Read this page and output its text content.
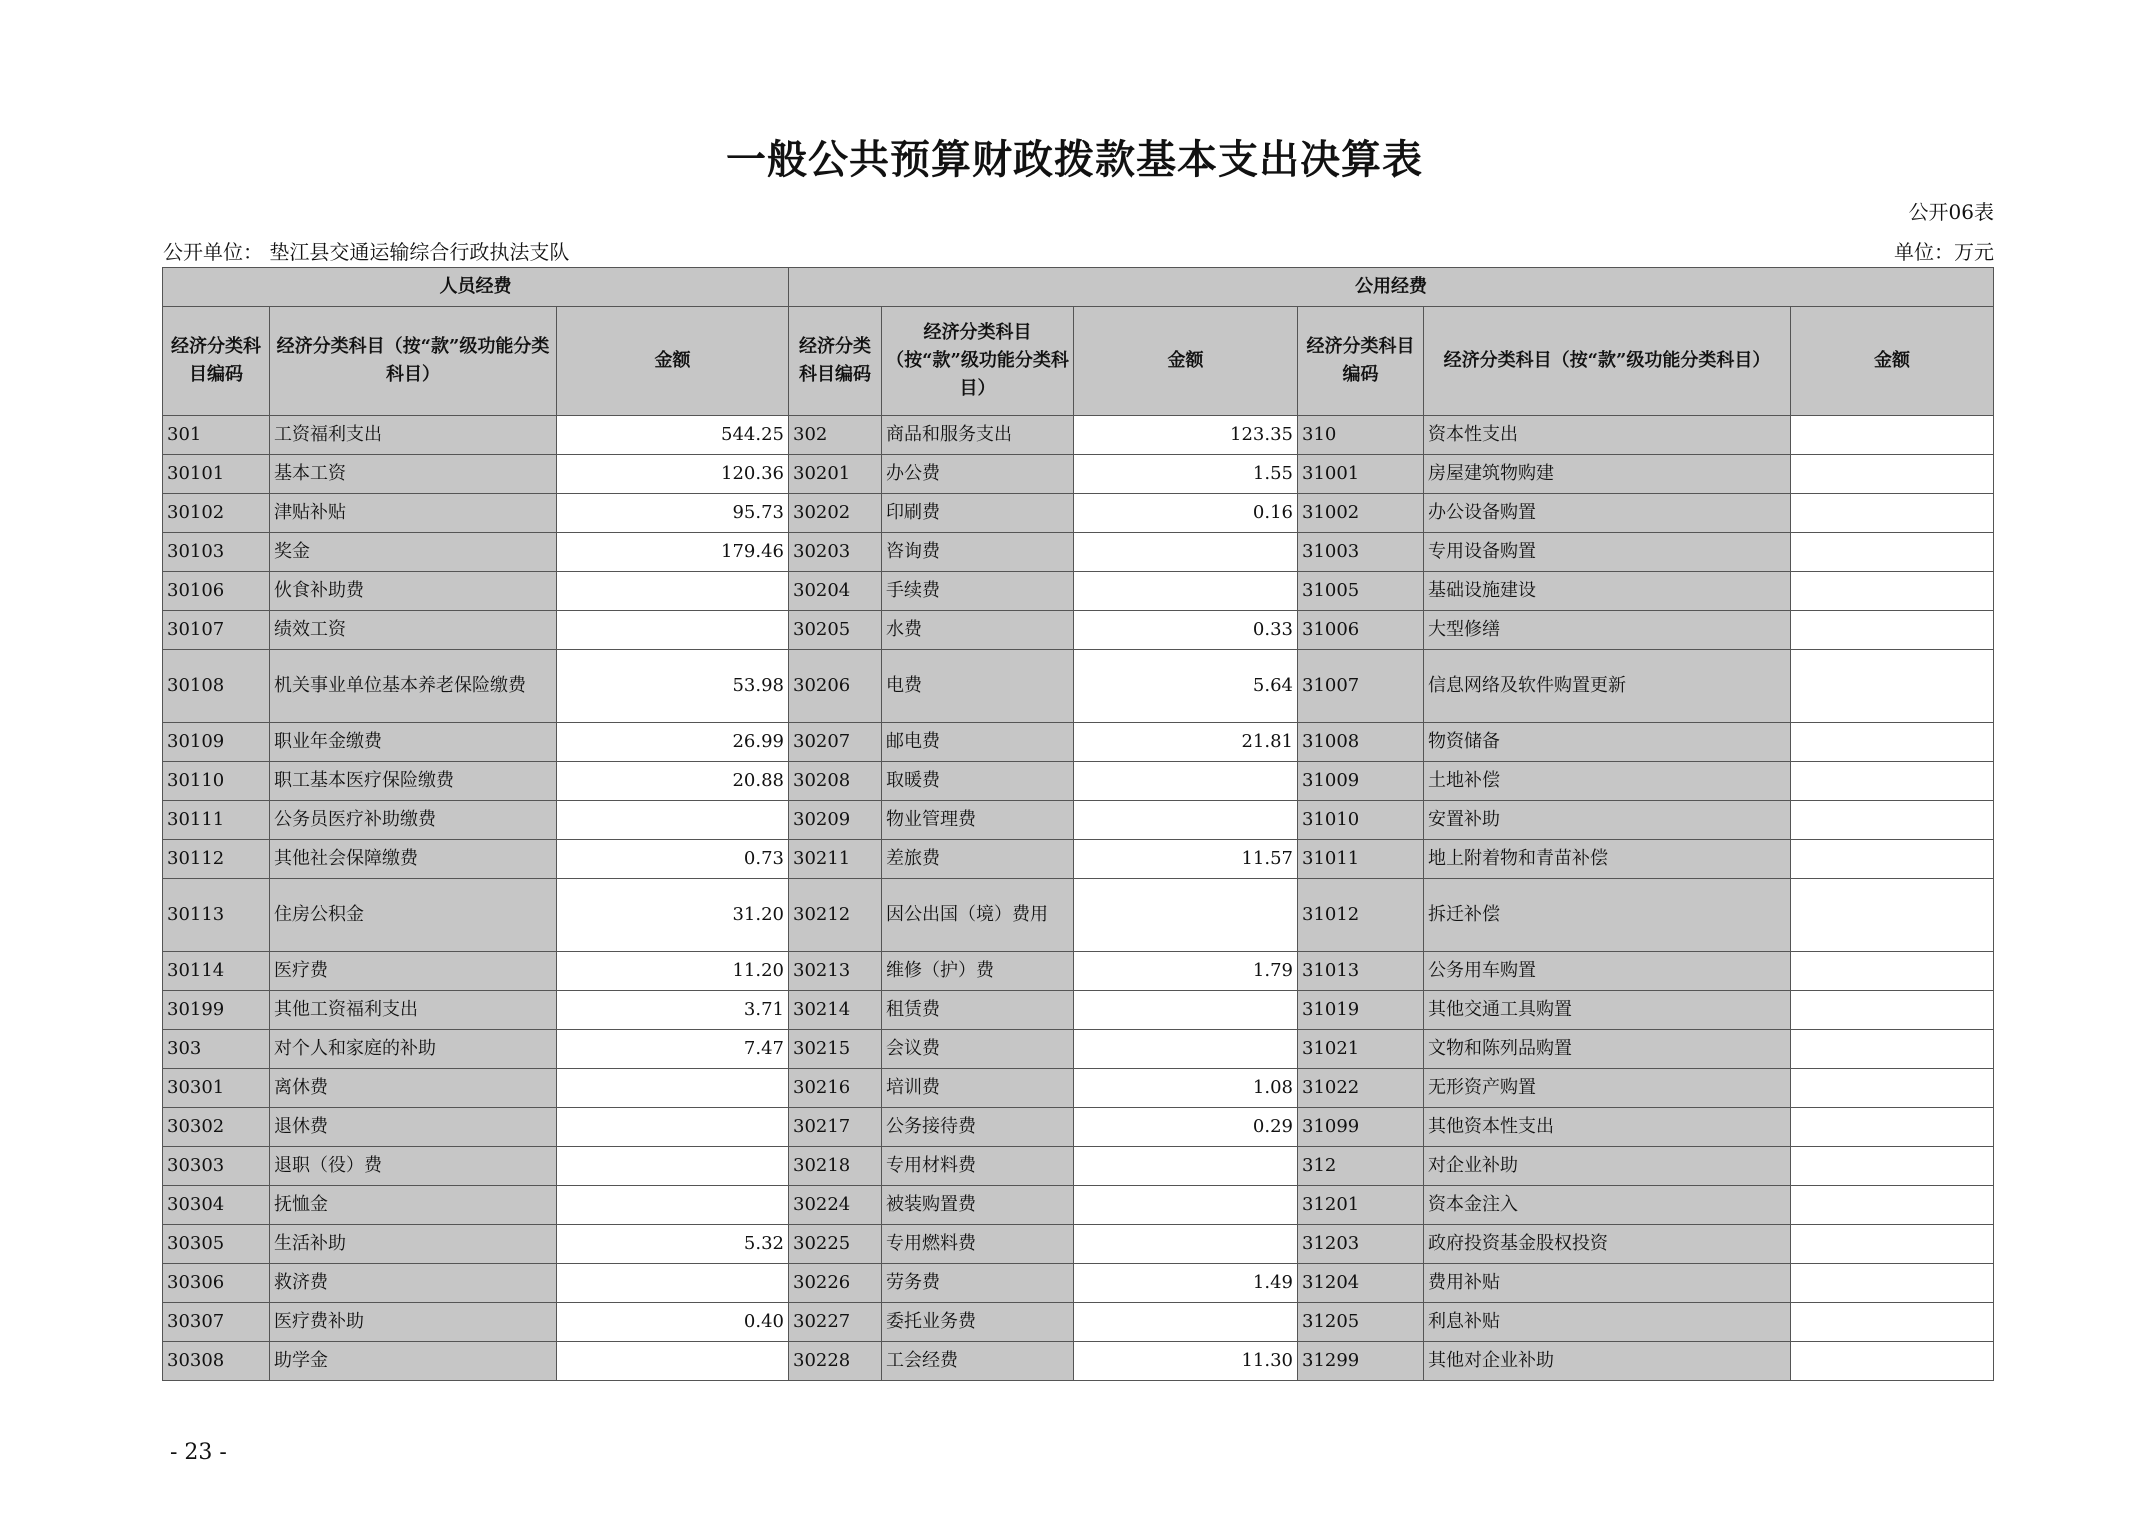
一般公共预算财政拨款基本支出决算表
公开06表
公开单位： 垫江县交通运输综合行政执法支队	单位：万元
人员经费			公用经费					
经济分类科目编码	经济分类科目（按“款”级功能分类科目）	金额	经济分类科目编码	经济分类科目（按“款”级功能分类科目）	金额	经济分类科目编码	经济分类科目（按“款”级功能分类科目）	金额
301	工资福利支出	544.25	302	商品和服务支出	123.35	310	资本性支出	
30101	基本工资	120.36	30201	办公费	1.55	31001	房屋建筑物购建	
30102	津贴补贴	95.73	30202	印刷费	0.16	31002	办公设备购置	
30103	奖金	179.46	30203	咨询费		31003	专用设备购置	
30106	伙食补助费		30204	手续费		31005	基础设施建设	
30107	绩效工资		30205	水费	0.33	31006	大型修缮	
30108	机关事业单位基本养老保险缴费	53.98	30206	电费	5.64	31007	信息网络及软件购置更新	
30109	职业年金缴费	26.99	30207	邮电费	21.81	31008	物资储备	
30110	职工基本医疗保险缴费	20.88	30208	取暖费		31009	土地补偿	
30111	公务员医疗补助缴费		30209	物业管理费		31010	安置补助	
30112	其他社会保障缴费	0.73	30211	差旅费	11.57	31011	地上附着物和青苗补偿	
30113	住房公积金	31.20	30212	因公出国（境）费用		31012	拆迁补偿	
30114	医疗费	11.20	30213	维修（护）费	1.79	31013	公务用车购置	
30199	其他工资福利支出	3.71	30214	租赁费		31019	其他交通工具购置	
303	对个人和家庭的补助	7.47	30215	会议费		31021	文物和陈列品购置	
30301	离休费		30216	培训费	1.08	31022	无形资产购置	
30302	退休费		30217	公务接待费	0.29	31099	其他资本性支出	
30303	退职（役）费		30218	专用材料费		312	对企业补助	
30304	抚恤金		30224	被装购置费		31201	资本金注入	
30305	生活补助	5.32	30225	专用燃料费		31203	政府投资基金股权投资	
30306	救济费		30226	劳务费	1.49	31204	费用补贴	
30307	医疗费补助	0.40	30227	委托业务费		31205	利息补贴	
30308	助学金		30228	工会经费	11.30	31299	其他对企业补助	
- 23 -
